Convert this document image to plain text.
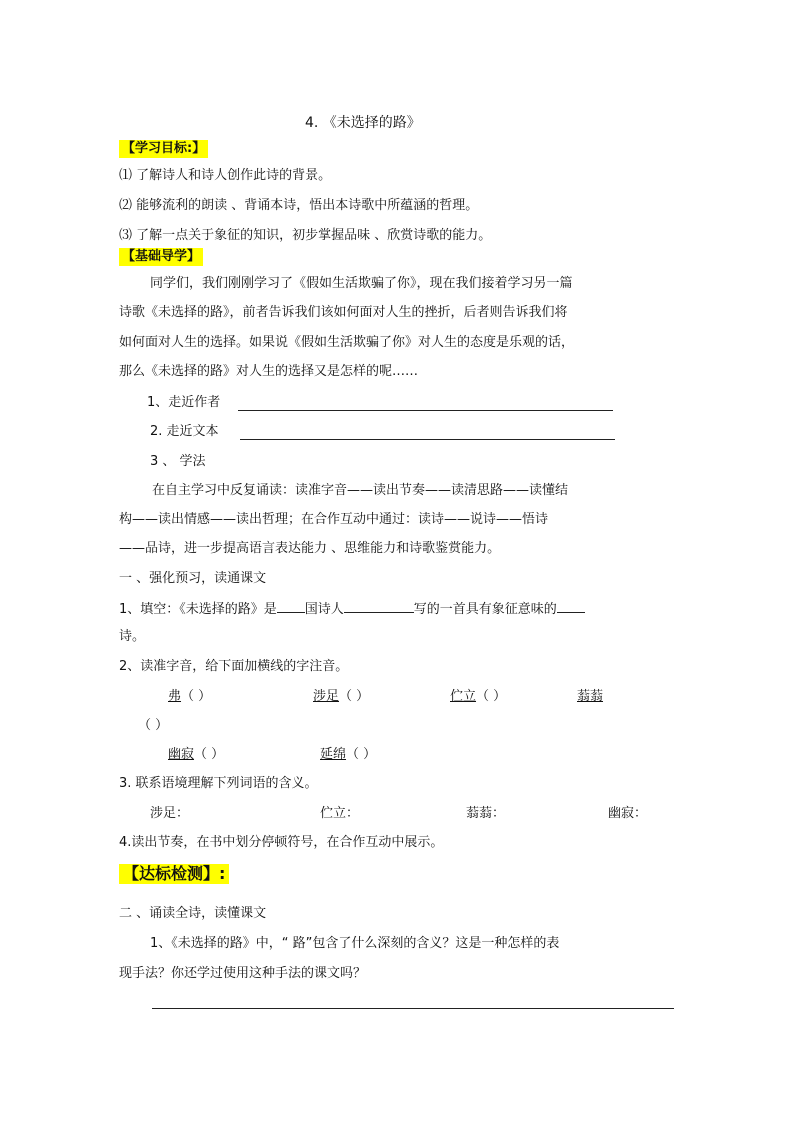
4. 《未选择的路》
【学习目标:】
⑴ 了解诗人和诗人创作此诗的背景。
⑵ 能够流利的朗读 、背诵本诗，悟出本诗歌中所蕴涵的哲理。
⑶ 了解一点关于象征的知识，初步掌握品味 、欣赏诗歌的能力。
【基础导学】
同学们，我们刚刚学习了《假如生活欺骗了你》，现在我们接着学习另一篇
诗歌《未选择的路》，前者告诉我们该如何面对人生的挫折，后者则告诉我们将
如何面对人生的选择。如果说《假如生活欺骗了你》对人生的态度是乐观的话，
那么《未选择的路》对人生的选择又是怎样的呢……
1、走近作者
2. 走近文本
3 、 学法
在自主学习中反复诵读：读准字音——读出节奏——读清思路——读懂结
构——读出情感——读出哲理；在合作互动中通过：读诗——说诗——悟诗
——品诗，进一步提高语言表达能力 、思维能力和诗歌鉴赏能力。
一 、强化预习，读通课文
1、填空：《未选择的路》是 国诗人	写的一首具有象征意味的
诗。
2、读准字音，给下面加横线的字注音。
弗（ ）	涉足（ ）	伫立（ ）	蓊蓊
（ ）
幽寂（ ）	延绵（ ）
3. 联系语境理解下列词语的含义。
涉足：	伫立：	蓊蓊：	幽寂：
4.读出节奏，在书中划分停顿符号，在合作互动中展示。
【达标检测】:
二 、诵读全诗，读懂课文
1、《未选择的路》中，“ 路”包含了什么深刻的含义？这是一种怎样的表
现手法？你还学过使用这种手法的课文吗？
